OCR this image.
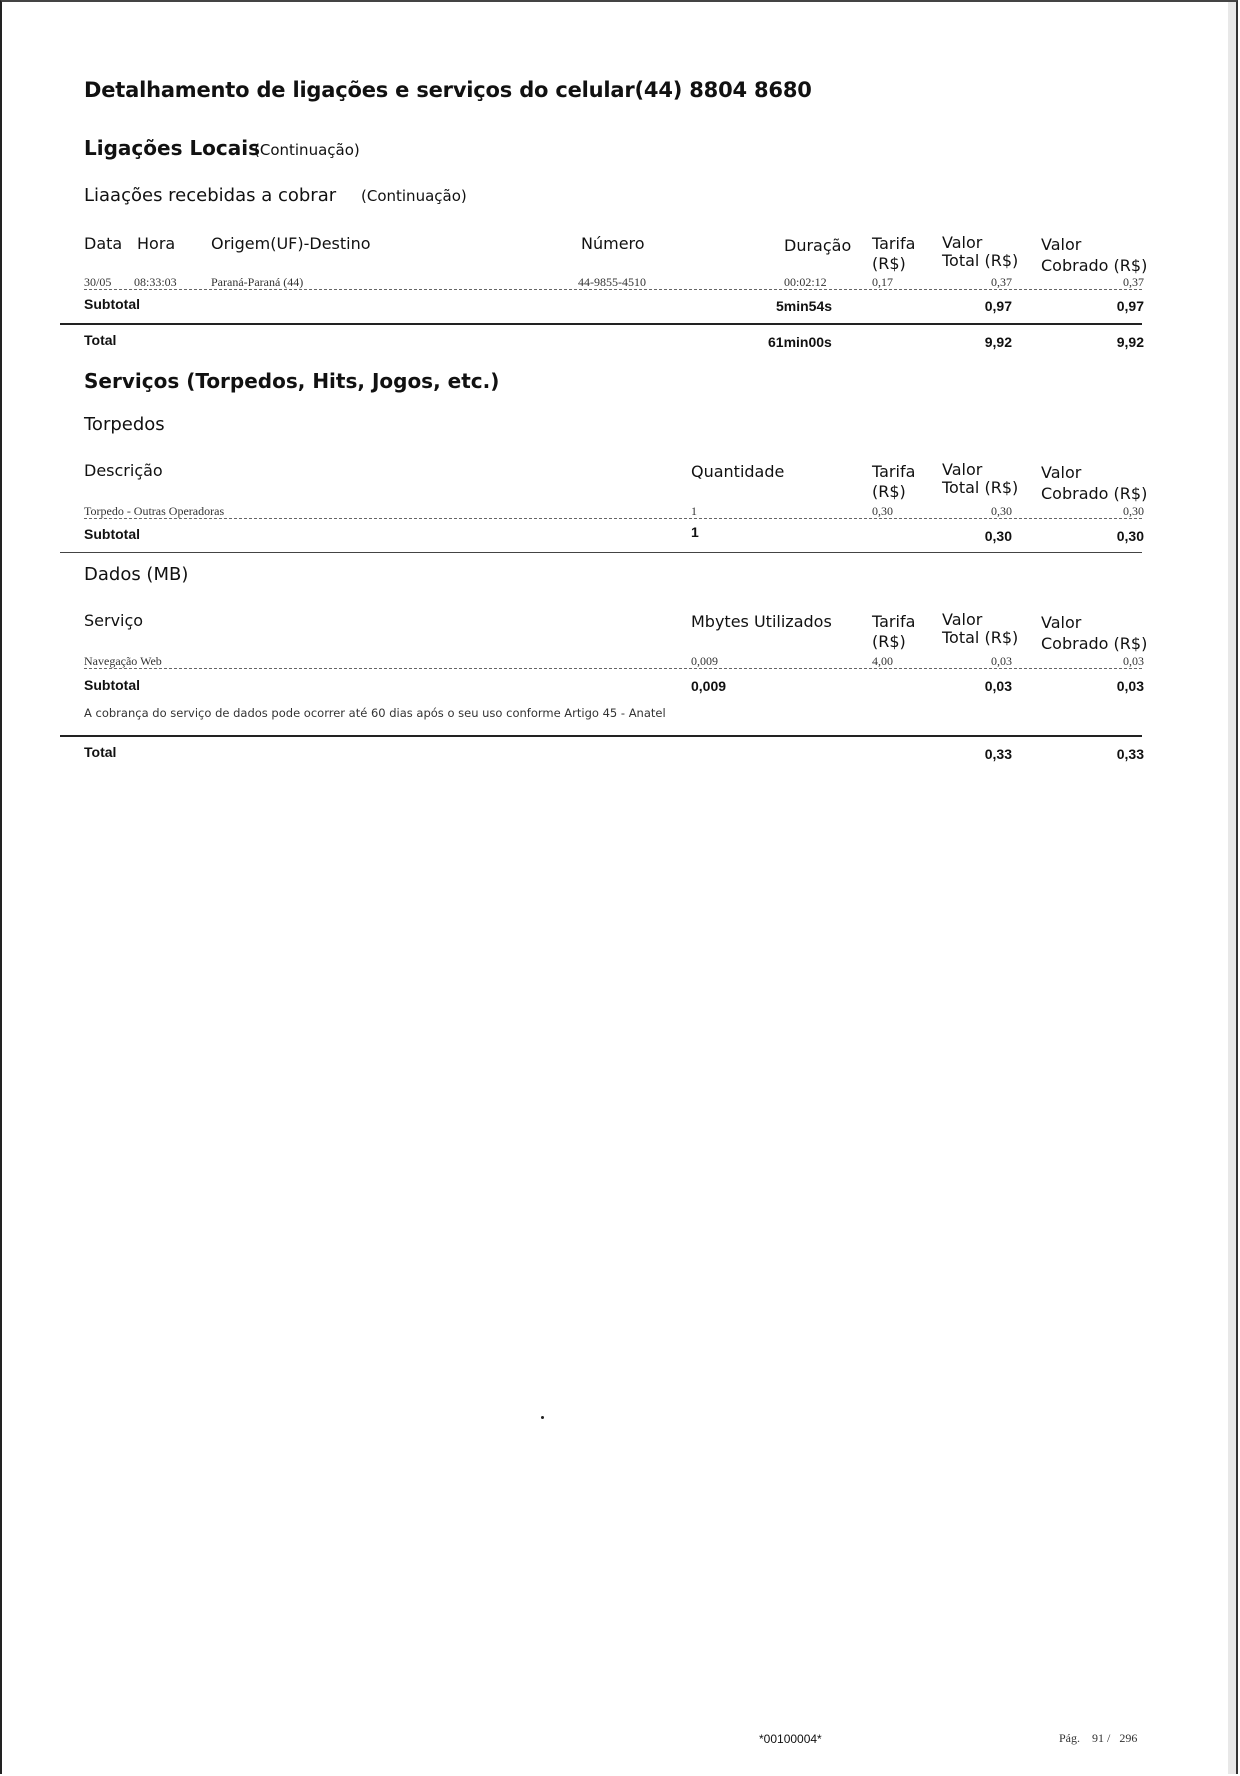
Detalhamento de ligações e serviços do celular(44) 8804 8680
Ligações Locais
(Continuação)
Liaações recebidas a cobrar (Continuação)
Data Hora Origem(UF)-Destino	Número	Duração Tarifa
(R$)
Valor
Total (R$)
Valor
Cobrado (R$)
30/05 08:33:03	Paraná-Paraná (44)	44-9855-4510	00:02:12	0,17	0,37	0,37
Subtotal	5min54s	0,97	0,97
Total	61min00s	9,92	9,92
Serviços (Torpedos, Hits, Jogos, etc.)
Torpedos
Descrição	Quantidade	Tarifa
(R$)
Valor
Total (R$)
Valor
Cobrado (R$)
Torpedo - Outras Operadoras	1	0,30	0,30	0,30
Subtotal	1	0,30	0,30
Dados (MB)
Serviço	Mbytes Utilizados	Tarifa
(R$)
Valor
Total (R$)
Valor
Cobrado (R$)
Navegação Web	0,009	4,00	0,03	0,03
Subtotal	0,009	0,03	0,03
A cobrança do serviço de dados pode ocorrer até 60 dias após o seu uso conforme Artigo 45 - Anatel
Total	0,33	0,33
*00100004*	Pág. 91 / 296
